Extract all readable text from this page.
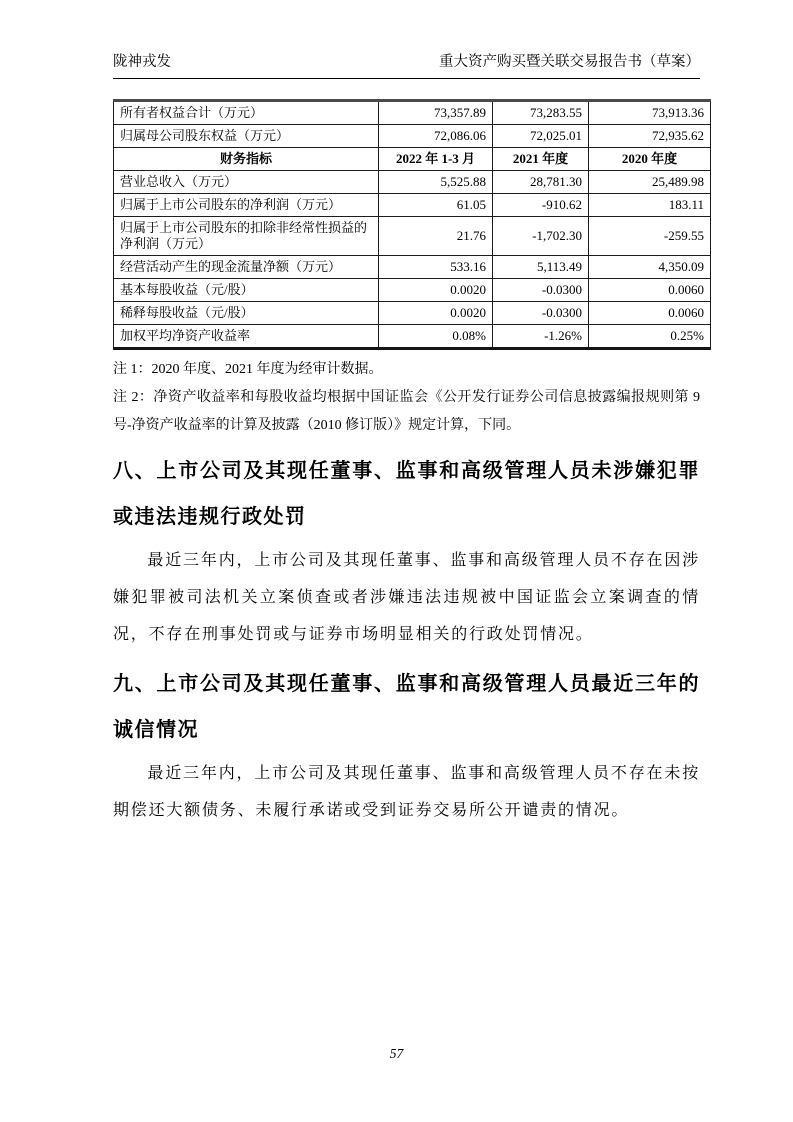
陇神戎发	重大资产购买暨关联交易报告书（草案）
所有者权益合计（万元）	73,357.89	73,283.55	73,913.36
归属母公司股东权益（万元）	72,086.06	72,025.01	72,935.62
财务指标	2022 年 1-3 月	2021 年度	2020 年度
营业总收入（万元）	5,525.88	28,781.30	25,489.98
归属于上市公司股东的净利润（万元）	61.05	-910.62	183.11
归属于上市公司股东的扣除非经常性损益的净利润（万元）	21.76	-1,702.30	-259.55
经营活动产生的现金流量净额（万元）	533.16	5,113.49	4,350.09
基本每股收益（元/股）	0.0020	-0.0300	0.0060
稀释每股收益（元/股）	0.0020	-0.0300	0.0060
加权平均净资产收益率	0.08%	-1.26%	0.25%

注 1：2020 年度、2021 年度为经审计数据。

注 2：净资产收益率和每股收益均根据中国证监会《公开发行证券公司信息披露编报规则第 9 号-净资产收益率的计算及披露（2010 修订版）》规定计算，下同。

八、上市公司及其现任董事、监事和高级管理人员未涉嫌犯罪或违法违规行政处罚

最近三年内，上市公司及其现任董事、监事和高级管理人员不存在因涉嫌犯罪被司法机关立案侦查或者涉嫌违法违规被中国证监会立案调查的情况，不存在刑事处罚或与证券市场明显相关的行政处罚情况。

九、上市公司及其现任董事、监事和高级管理人员最近三年的诚信情况

最近三年内，上市公司及其现任董事、监事和高级管理人员不存在未按期偿还大额债务、未履行承诺或受到证券交易所公开谴责的情况。

57
